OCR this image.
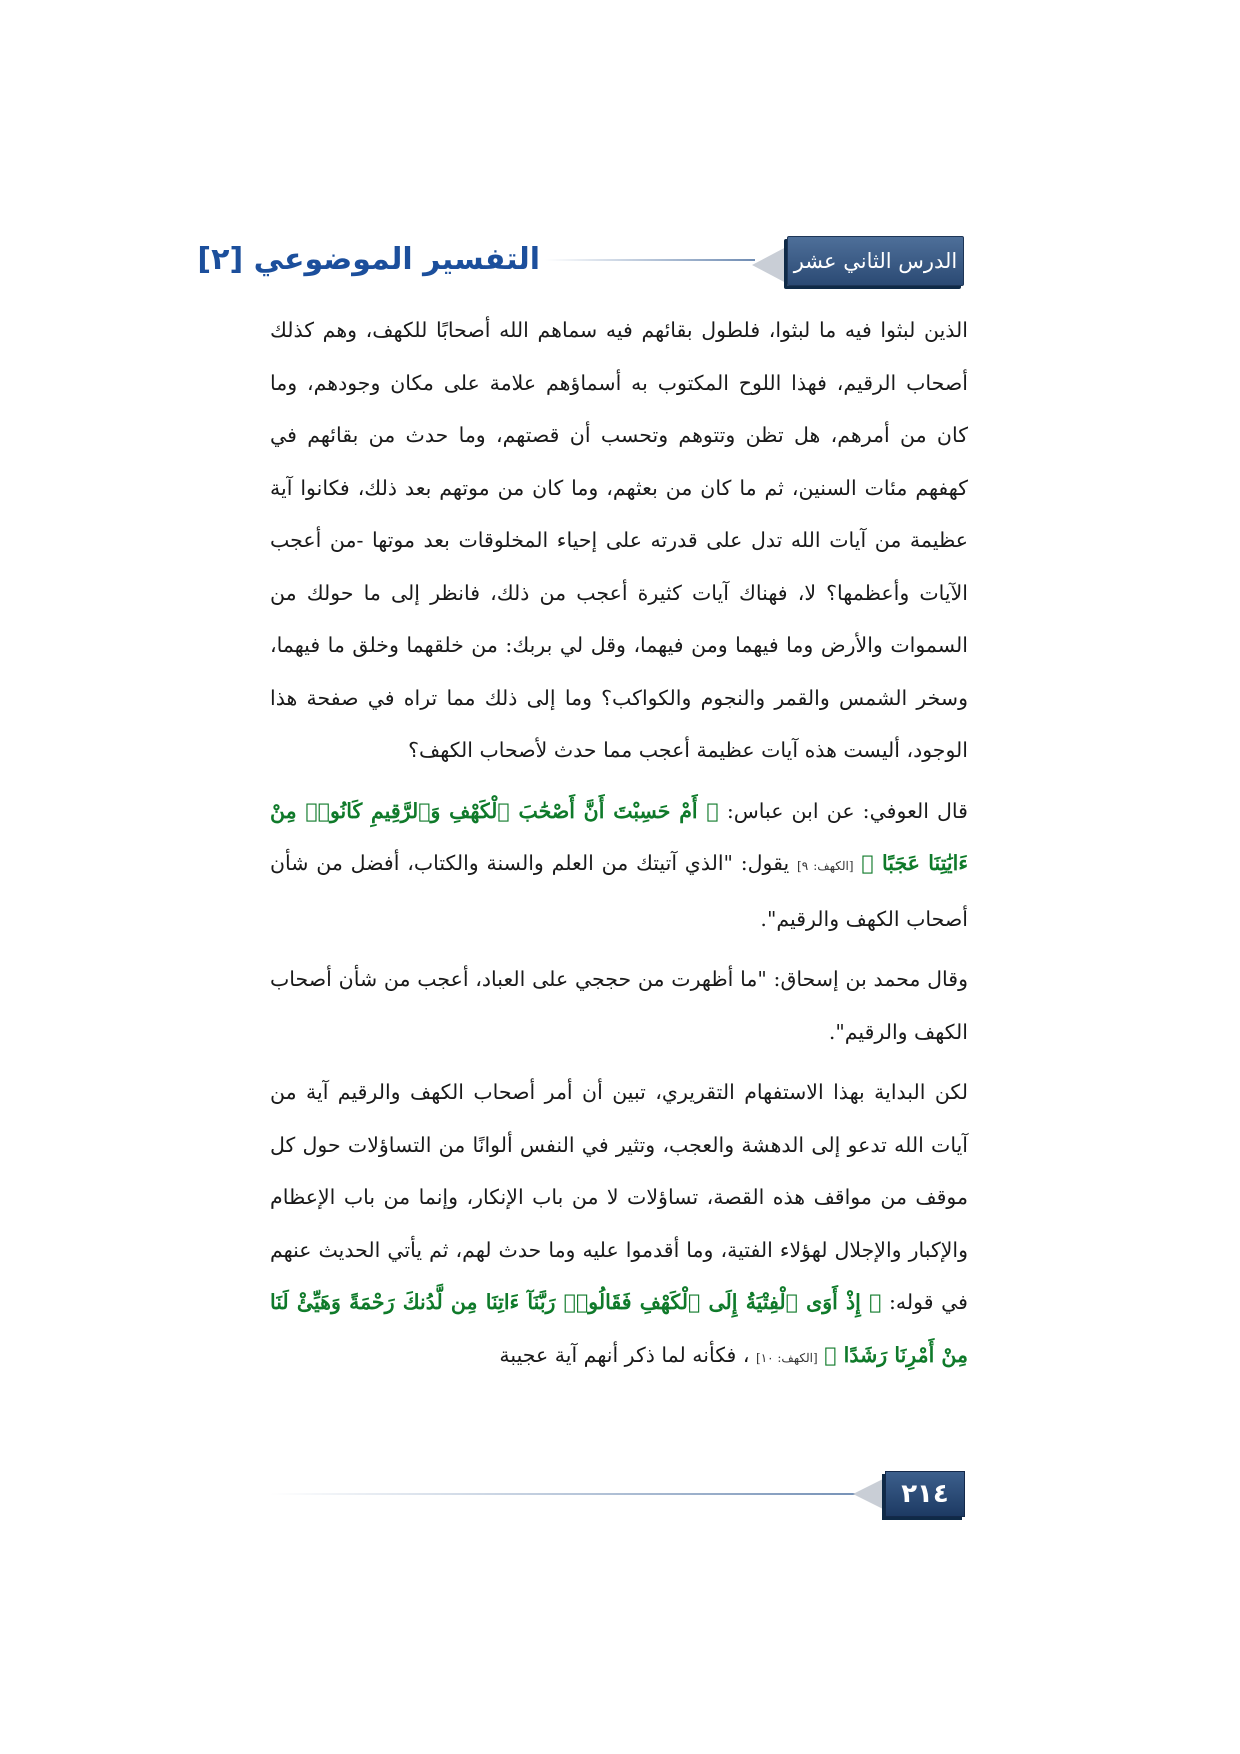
الدرس الثاني عشر
التفسير الموضوعي [٢]

الذين لبثوا فيه ما لبثوا، فلطول بقائهم فيه سماهم الله أصحابًا للكهف، وهم كذلك أصحاب الرقيم، فهذا اللوح المكتوب به أسماؤهم علامة على مكان وجودهم، وما كان من أمرهم، هل تظن وتتوهم وتحسب أن قصتهم، وما حدث من بقائهم في كهفهم مئات السنين، ثم ما كان من بعثهم، وما كان من موتهم بعد ذلك، فكانوا آية عظيمة من آيات الله تدل على قدرته على إحياء المخلوقات بعد موتها -من أعجب الآيات وأعظمها؟ لا، فهناك آيات كثيرة أعجب من ذلك، فانظر إلى ما حولك من السموات والأرض وما فيهما ومن فيهما، وقل لي بربك: من خلقهما وخلق ما فيهما، وسخر الشمس والقمر والنجوم والكواكب؟ وما إلى ذلك مما تراه في صفحة هذا الوجود، أليست هذه آيات عظيمة أعجب مما حدث لأصحاب الكهف؟

قال العوفي: عن ابن عباس: ﴿ أَمْ حَسِبْتَ أَنَّ أَصْحَٰبَ ٱلْكَهْفِ وَٱلرَّقِيمِ كَانُوا۟ مِنْ ءَايَٰتِنَا عَجَبًا ﴾ [الكهف: ٩] يقول: "الذي آتيتك من العلم والسنة والكتاب، أفضل من شأن أصحاب الكهف والرقيم".

وقال محمد بن إسحاق: "ما أظهرت من حججي على العباد، أعجب من شأن أصحاب الكهف والرقيم".

لكن البداية بهذا الاستفهام التقريري، تبين أن أمر أصحاب الكهف والرقيم آية من آيات الله تدعو إلى الدهشة والعجب، وتثير في النفس ألوانًا من التساؤلات حول كل موقف من مواقف هذه القصة، تساؤلات لا من باب الإنكار، وإنما من باب الإعظام والإكبار والإجلال لهؤلاء الفتية، وما أقدموا عليه وما حدث لهم، ثم يأتي الحديث عنهم في قوله: ﴿ إِذْ أَوَى ٱلْفِتْيَةُ إِلَى ٱلْكَهْفِ فَقَالُوا۟ رَبَّنَآ ءَاتِنَا مِن لَّدُنكَ رَحْمَةً وَهَيِّئْ لَنَا مِنْ أَمْرِنَا رَشَدًا ﴾ [الكهف: ١٠] ، فكأنه لما ذكر أنهم آية عجيبة

٢١٤
